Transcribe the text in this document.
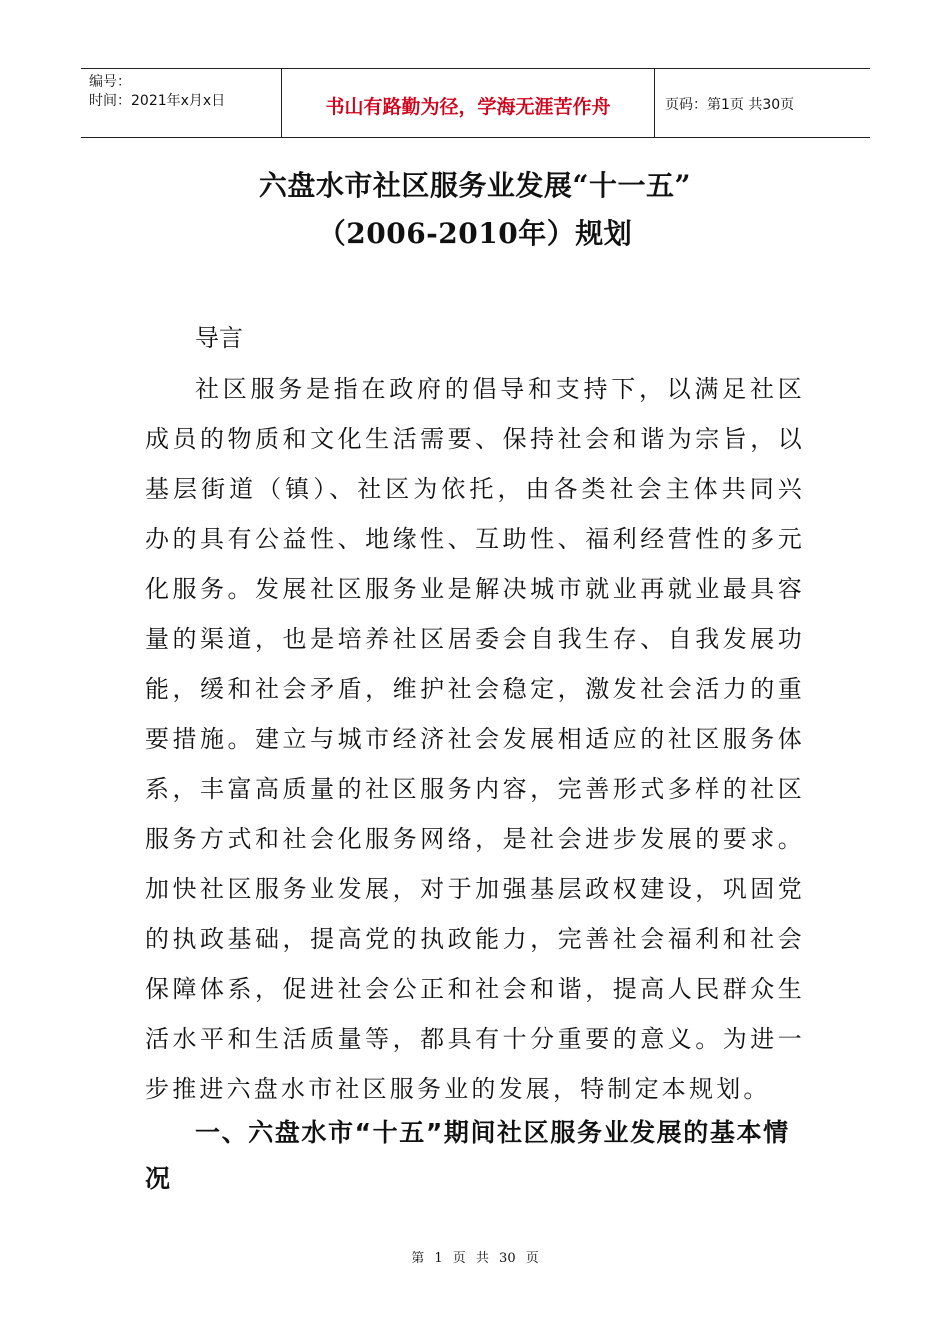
编号：
时间：2021年x月x日	书山有路勤为径，学海无涯苦作舟	页码：第1页 共30页
六盘水市社区服务业发展“十一五”
（2006-2010年）规划
导言

社区服务是指在政府的倡导和支持下，以满足社区成员的物质和文化生活需要、保持社会和谐为宗旨，以基层街道（镇）、社区为依托，由各类社会主体共同兴办的具有公益性、地缘性、互助性、福利经营性的多元化服务。发展社区服务业是解决城市就业再就业最具容量的渠道，也是培养社区居委会自我生存、自我发展功能，缓和社会矛盾，维护社会稳定，激发社会活力的重要措施。建立与城市经济社会发展相适应的社区服务体系，丰富高质量的社区服务内容，完善形式多样的社区服务方式和社会化服务网络，是社会进步发展的要求。加快社区服务业发展，对于加强基层政权建设，巩固党的执政基础，提高党的执政能力，完善社会福利和社会保障体系，促进社会公正和社会和谐，提高人民群众生活水平和生活质量等，都具有十分重要的意义。为进一步推进六盘水市社区服务业的发展，特制定本规划。

一、六盘水市“十五”期间社区服务业发展的基本情况

第 1 页 共 30 页
